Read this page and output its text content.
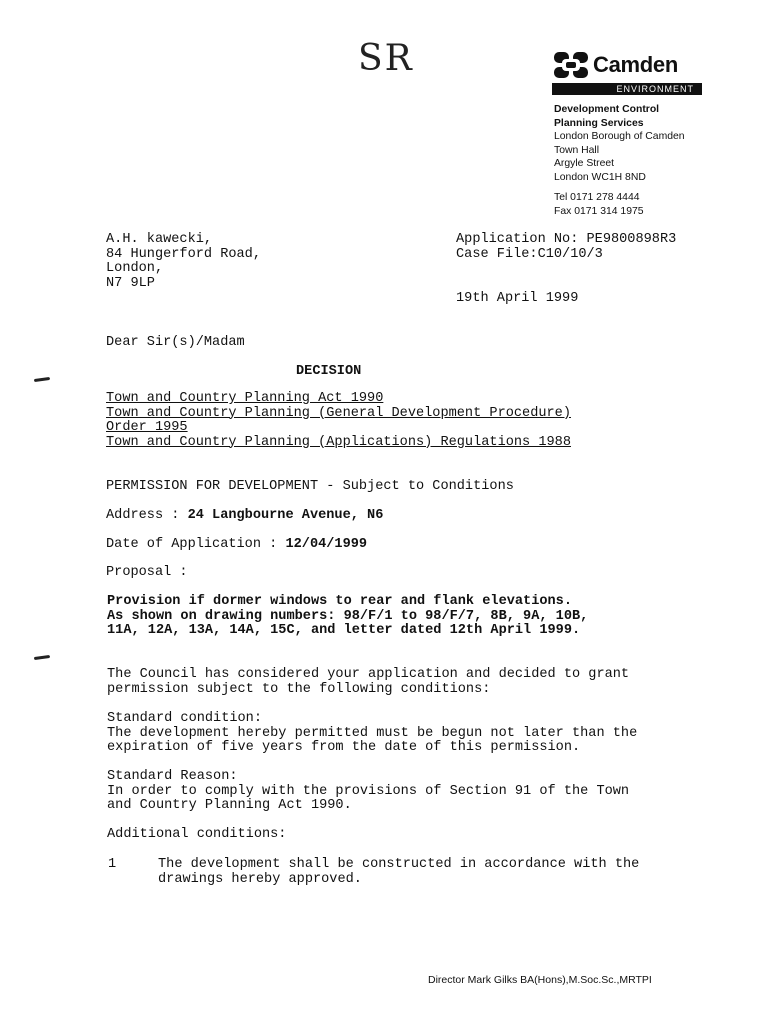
SR	Camden
ENVIRONMENT
Development Control
Planning Services
London Borough of Camden
Town Hall
Argyle Street
London WC1H 8ND
Tel 0171 278 4444
Fax 0171 314 1975
A.H. kawecki,
84 Hungerford Road,
London,
N7 9LP
Application No: PE9800898R3
Case File:C10/10/3
19th April 1999
Dear Sir(s)/Madam
DECISION
Town and Country Planning Act 1990
Town and Country Planning (General Development Procedure)
Order 1995
Town and Country Planning (Applications) Regulations 1988
PERMISSION FOR DEVELOPMENT - Subject to Conditions
Address : 24 Langbourne Avenue, N6
Date of Application : 12/04/1999
Proposal :
Provision if dormer windows to rear and flank elevations.
As shown on drawing numbers: 98/F/1 to 98/F/7, 8B, 9A, 10B,
11A, 12A, 13A, 14A, 15C, and letter dated 12th April 1999.
The Council has considered your application and decided to grant
permission subject to the following conditions:
Standard condition:
The development hereby permitted must be begun not later than the
expiration of five years from the date of this permission.
Standard Reason:
In order to comply with the provisions of Section 91 of the Town
and Country Planning Act 1990.
Additional conditions:
1	The development shall be constructed in accordance with the
drawings hereby approved.
Director Mark Gilks BA(Hons),M.Soc.Sc.,MRTPI
